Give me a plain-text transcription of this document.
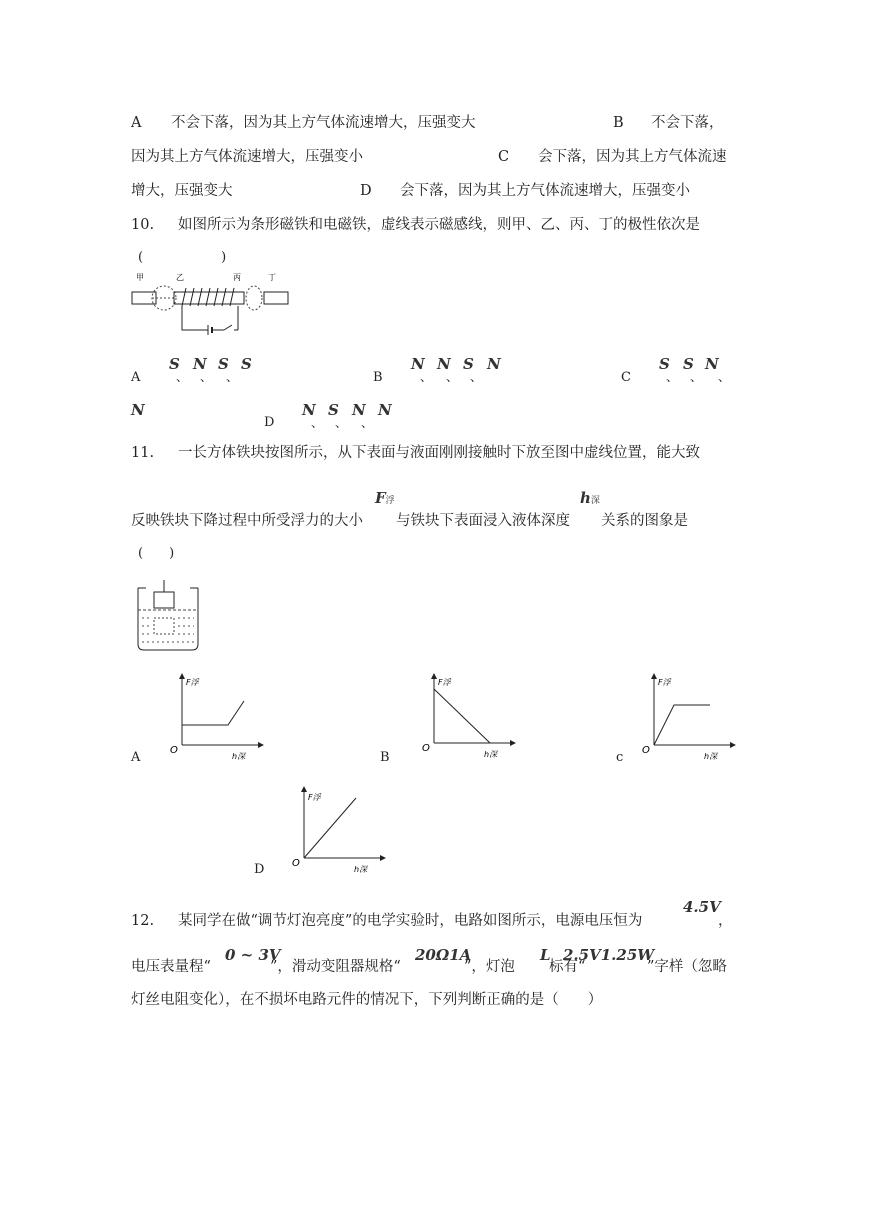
A 不会下落，因为其上方气体流速增大，压强变大	B 不会下落，
因为其上方气体流速增大，压强变小	C 会下落，因为其上方气体流速
增大，压强变大	D 会下落，因为其上方气体流速增大，压强变小
10. 如图所示为条形磁铁和电磁铁，虚线表示磁感线，则甲、乙、丙、丁的极性依次是
(　　　　　　)
甲	乙	丙	丁
A
S
、
N
、
S
、
S
B
N
、
N
、
S
、
N
C
S
、
S
、
N
、
N
D
N
、
S
、
N
、
N
11. 一长方体铁块按图所示，从下表面与液面刚刚接触时下放至图中虚线位置，能大致
反映铁块下降过程中所受浮力的大小
F浮
与铁块下表面浸入液体深度
h深
关系的图象是
(　　)
F浮
O
h深
A
F浮
O
h深
B
F浮
O
h深
c
F浮
O
h深
D
12. 某同学在做“调节灯泡亮度”的电学实验时，电路如图所示，电源电压恒为
4.5V
，
电压表量程“
0 ~ 3V
”，滑动变阻器规格“
20Ω1A
”，灯泡
L
标有“
2.5V1.25W
”字样（忽略
灯丝电阻变化），在不损坏电路元件的情况下，下列判断正确的是（　　）
